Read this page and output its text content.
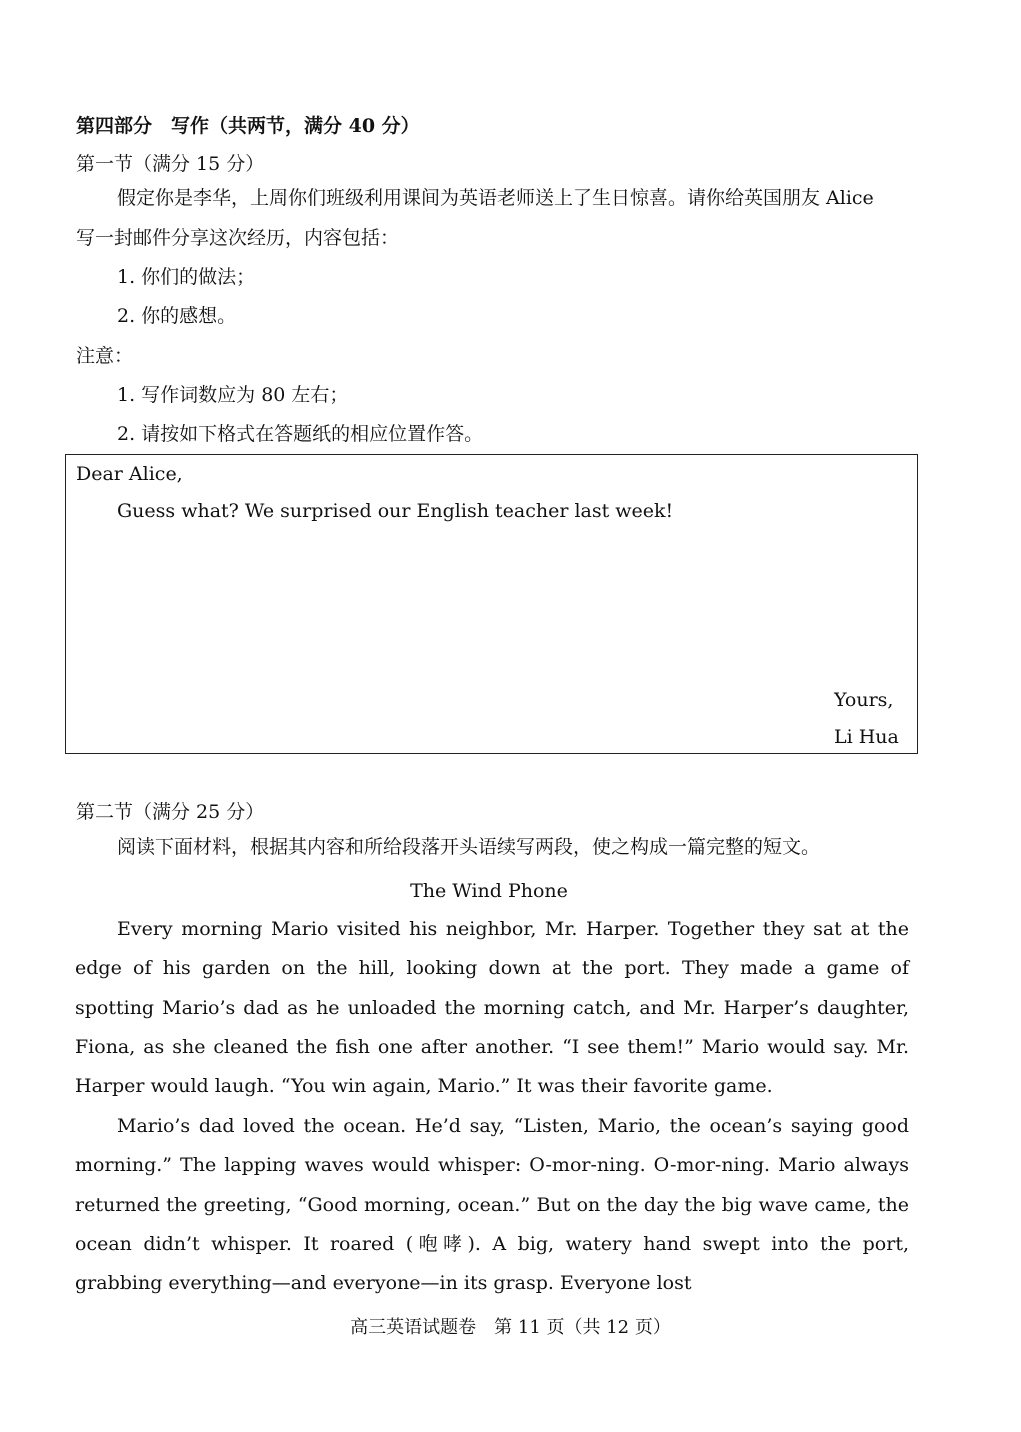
第四部分　写作（共两节，满分 40 分）
第一节（满分 15 分）
假定你是李华，上周你们班级利用课间为英语老师送上了生日惊喜。请你给英国朋友 Alice
写一封邮件分享这次经历，内容包括：
1. 你们的做法；
2. 你的感想。
注意：
1. 写作词数应为 80 左右；
2. 请按如下格式在答题纸的相应位置作答。
Dear Alice,
Guess what? We surprised our English teacher last week!
Yours,
Li Hua
第二节（满分 25 分）
阅读下面材料，根据其内容和所给段落开头语续写两段，使之构成一篇完整的短文。
The Wind Phone
Every morning Mario visited his neighbor, Mr. Harper. Together they sat at the edge of his garden on the hill, looking down at the port. They made a game of spotting Mario’s dad as he unloaded the morning catch, and Mr. Harper’s daughter, Fiona, as she cleaned the fish one after another. “I see them!” Mario would say. Mr. Harper would laugh. “You win again, Mario.” It was their favorite game.
Mario’s dad loved the ocean. He’d say, “Listen, Mario, the ocean’s saying good morning.” The lapping waves would whisper: O-mor-ning. O-mor-ning. Mario always returned the greeting, “Good morning, ocean.” But on the day the big wave came, the ocean didn’t whisper. It roared (咆哮). A big, watery hand swept into the port, grabbing everything—and everyone—in its grasp. Everyone lost
高三英语试题卷　第 11 页（共 12 页）
